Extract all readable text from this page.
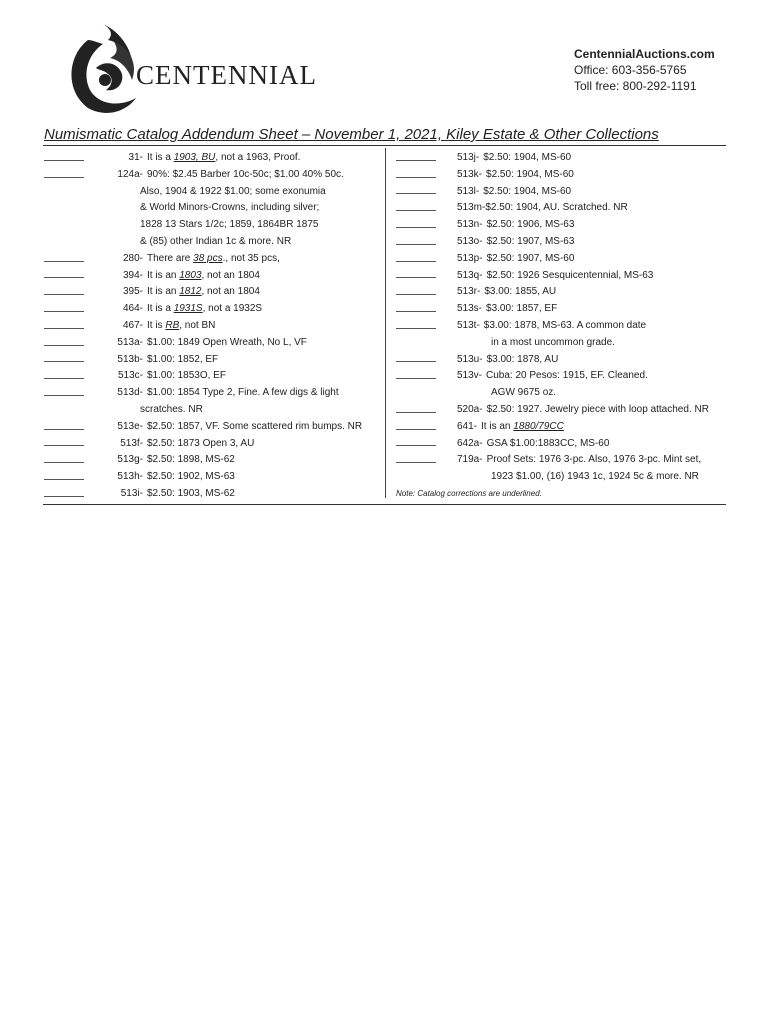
CENTENNIAL
CentennialAuctions.com
Office: 603-356-5765
Toll free: 800-292-1191
Numismatic Catalog Addendum Sheet – November 1, 2021, Kiley Estate & Other Collections
31- It is a 1903, BU, not a 1963, Proof.
124a- 90%: $2.45 Barber 10c-50c; $1.00 40% 50c.
Also, 1904 & 1922 $1.00; some exonumia
& World Minors-Crowns, including silver;
1828 13 Stars 1/2c; 1859, 1864BR 1875
& (85) other Indian 1c & more. NR
280- There are 38 pcs., not 35 pcs,
394- It is an 1803, not an 1804
395- It is an 1812, not an 1804
464- It is a 1931S, not a 1932S
467- It is RB, not BN
513a- $1.00: 1849 Open Wreath, No L, VF
513b- $1.00: 1852, EF
513c- $1.00: 1853O, EF
513d- $1.00: 1854 Type 2, Fine. A few digs & light
scratches. NR
513e- $2.50: 1857, VF. Some scattered rim bumps. NR
513f- $2.50: 1873 Open 3, AU
513g- $2.50: 1898, MS-62
513h- $2.50: 1902, MS-63
513i- $2.50: 1903, MS-62
513j- $2.50: 1904, MS-60
513k- $2.50: 1904, MS-60
513l- $2.50: 1904, MS-60
513m- $2.50: 1904, AU. Scratched. NR
513n- $2.50: 1906, MS-63
513o- $2.50: 1907, MS-63
513p- $2.50: 1907, MS-60
513q- $2.50: 1926 Sesquicentennial, MS-63
513r- $3.00: 1855, AU
513s- $3.00: 1857, EF
513t- $3.00: 1878, MS-63. A common date
in a most uncommon grade.
513u- $3.00: 1878, AU
513v- Cuba: 20 Pesos: 1915, EF. Cleaned.
AGW 9675 oz.
520a- $2.50: 1927. Jewelry piece with loop attached. NR
641- It is an 1880/79CC
642a- GSA $1.00:1883CC, MS-60
719a- Proof Sets: 1976 3-pc. Also, 1976 3-pc. Mint set,
1923 $1.00, (16) 1943 1c, 1924 5c & more. NR
Note: Catalog corrections are underlined.
